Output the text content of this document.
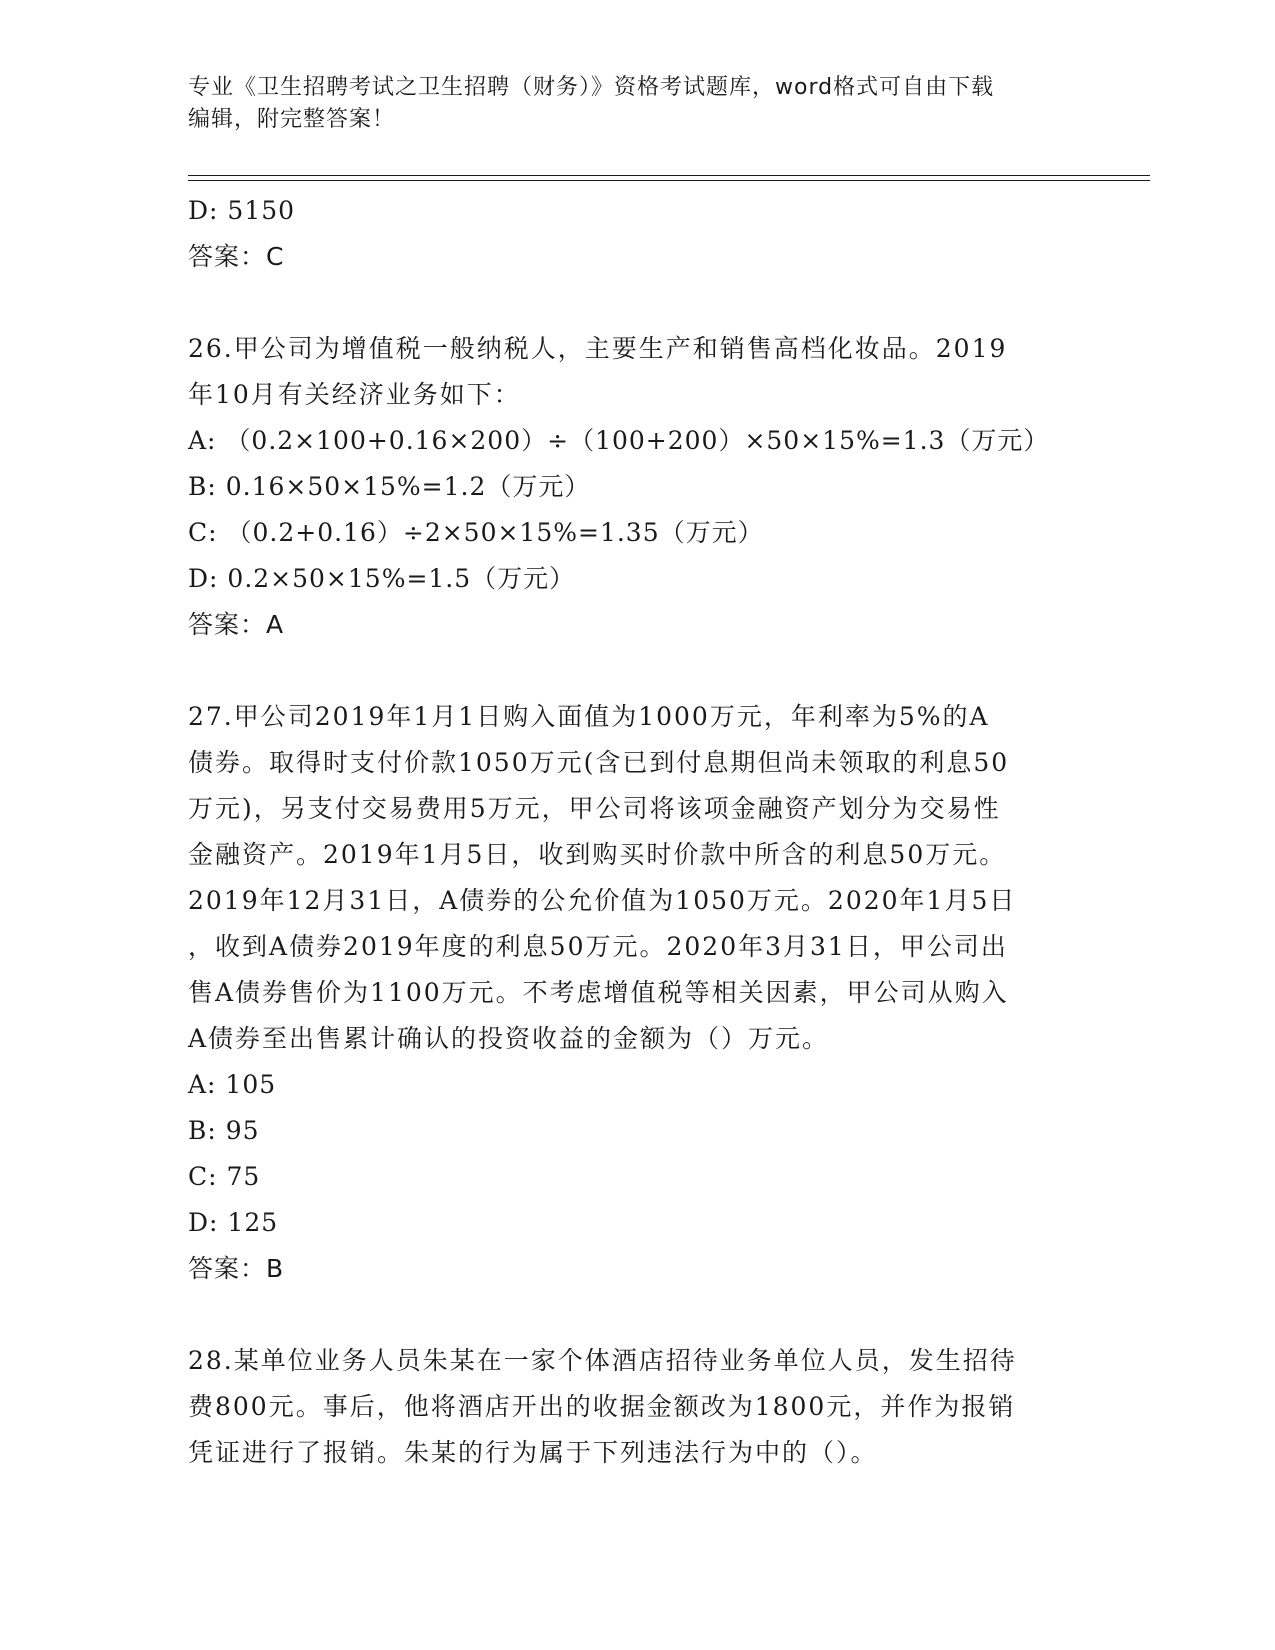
专业《卫生招聘考试之卫生招聘（财务）》资格考试题库，word格式可自由下载
编辑，附完整答案！
D: 5150
答案：C
26.甲公司为增值税一般纳税人，主要生产和销售高档化妆品。2019
年10月有关经济业务如下：
A: （0.2×100+0.16×200）÷（100+200）×50×15%=1.3（万元）
B: 0.16×50×15%=1.2（万元）
C: （0.2+0.16）÷2×50×15%=1.35（万元）
D: 0.2×50×15%=1.5（万元）
答案：A
27.甲公司2019年1月1日购入面值为1000万元，年利率为5%的A
债券。取得时支付价款1050万元(含已到付息期但尚未领取的利息50
万元)，另支付交易费用5万元，甲公司将该项金融资产划分为交易性
金融资产。2019年1月5日，收到购买时价款中所含的利息50万元。
2019年12月31日，A债券的公允价值为1050万元。2020年1月5日
，收到A债券2019年度的利息50万元。2020年3月31日，甲公司出
售A债券售价为1100万元。不考虑增值税等相关因素，甲公司从购入
A债券至出售累计确认的投资收益的金额为（）万元。
A: 105
B: 95
C: 75
D: 125
答案：B
28.某单位业务人员朱某在一家个体酒店招待业务单位人员，发生招待
费800元。事后，他将酒店开出的收据金额改为1800元，并作为报销
凭证进行了报销。朱某的行为属于下列违法行为中的（）。
